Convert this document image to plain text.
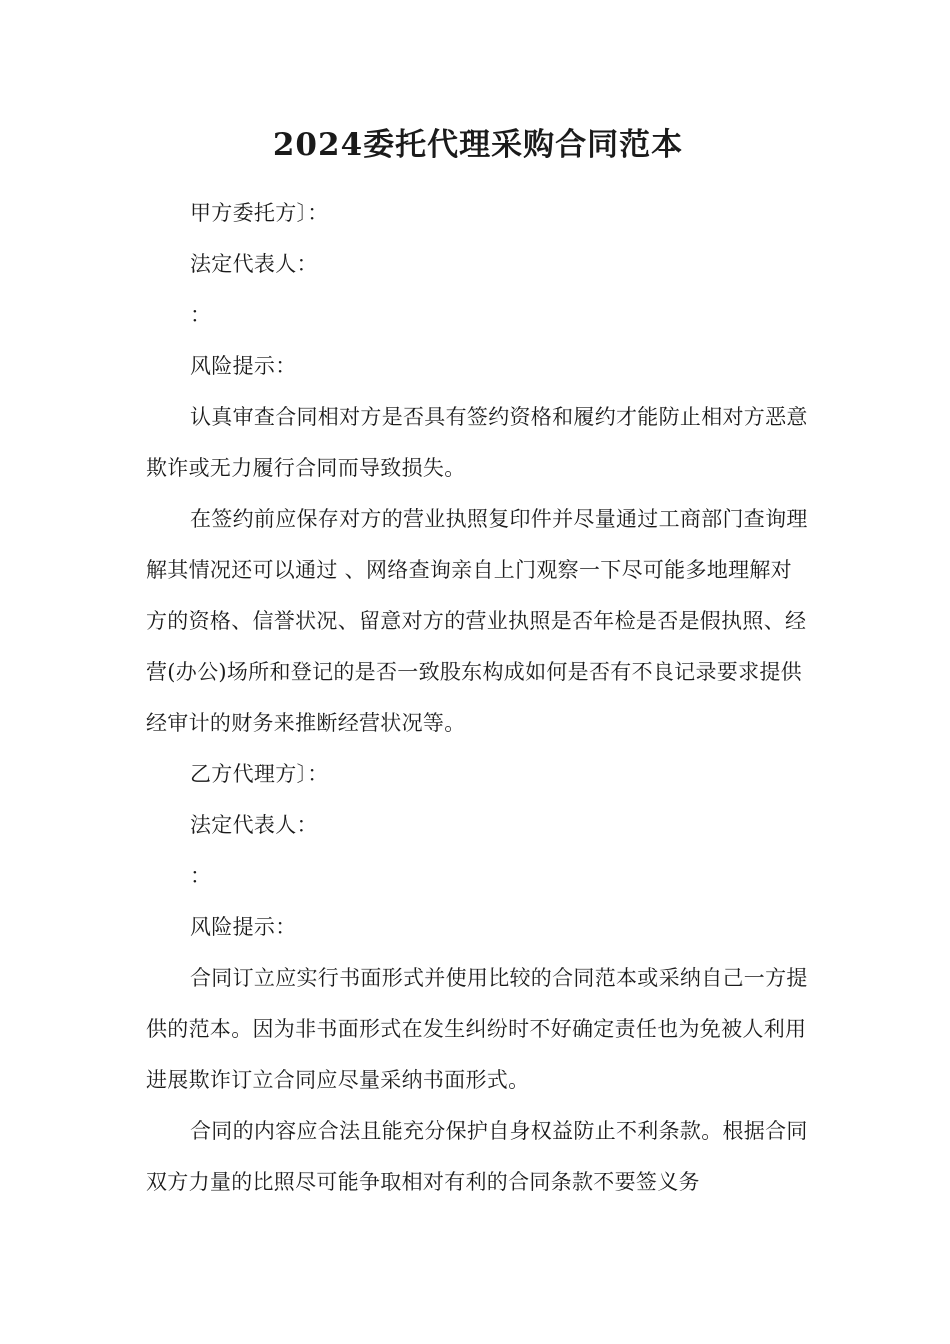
2024委托代理采购合同范本

甲方委托方〕：

法定代表人：

：

风险提示：

认真审查合同相对方是否具有签约资格和履约才能防止相对方恶意欺诈或无力履行合同而导致损失。

在签约前应保存对方的营业执照复印件并尽量通过工商部门查询理解其情况还可以通过 、网络查询亲自上门观察一下尽可能多地理解对方的资格、信誉状况、留意对方的营业执照是否年检是否是假执照、经营(办公)场所和登记的是否一致股东构成如何是否有不良记录要求提供经审计的财务来推断经营状况等。

乙方代理方〕：

法定代表人：

：

风险提示：

合同订立应实行书面形式并使用比较的合同范本或采纳自己一方提供的范本。因为非书面形式在发生纠纷时不好确定责任也为免被人利用进展欺诈订立合同应尽量采纳书面形式。

合同的内容应合法且能充分保护自身权益防止不利条款。根据合同双方力量的比照尽可能争取相对有利的合同条款不要签义务
